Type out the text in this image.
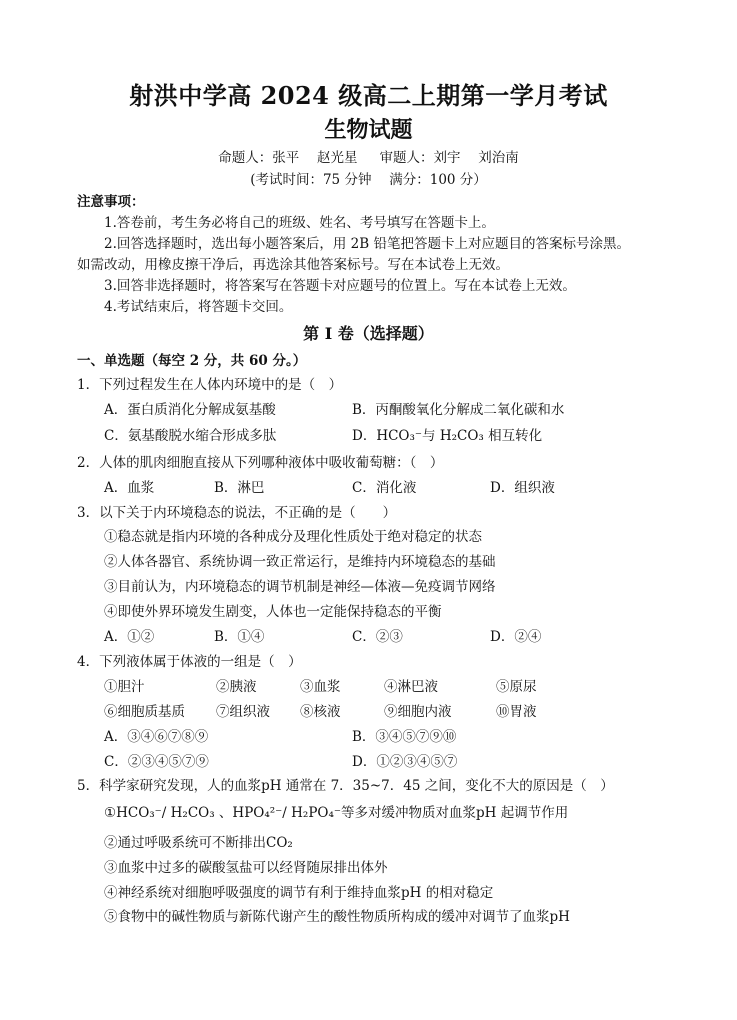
射洪中学高 2024 级高二上期第一学月考试
生物试题
命题人：张平　 赵光星 审题人：刘宇　 刘治南
(考试时间：75 分钟　 满分：100 分）
注意事项：
1.答卷前，考生务必将自己的班级、姓名、考号填写在答题卡上。
2.回答选择题时，选出每小题答案后，用 2B 铅笔把答题卡上对应题目的答案标号涂黑。
如需改动，用橡皮擦干净后，再选涂其他答案标号。写在本试卷上无效。
3.回答非选择题时，将答案写在答题卡对应题号的位置上。写在本试卷上无效。
4.考试结束后，将答题卡交回。
第 I 卷（选择题）
一、单选题（每空 2 分，共 60 分。）
1．下列过程发生在人体内环境中的是（　）
A．蛋白质消化分解成氨基酸	B．丙酮酸氧化分解成二氧化碳和水
C．氨基酸脱水缩合形成多肽	D．HCO₃⁻与 H₂CO₃ 相互转化
2．人体的肌肉细胞直接从下列哪种液体中吸收葡萄糖：（　）
A．血浆	B．淋巴	C．消化液	D．组织液
3．以下关于内环境稳态的说法，不正确的是（　　）
①稳态就是指内环境的各种成分及理化性质处于绝对稳定的状态
②人体各器官、系统协调一致正常运行，是维持内环境稳态的基础
③目前认为，内环境稳态的调节机制是神经—体液—免疫调节网络
④即使外界环境发生剧变，人体也一定能保持稳态的平衡
A．①②	B．①④	C．②③	D．②④
4．下列液体属于体液的一组是（　）
①胆汁	②胰液	③血浆	④淋巴液	⑤原尿
⑥细胞质基质 ⑦组织液 ⑧核液	⑨细胞内液	⑩胃液
A．③④⑥⑦⑧⑨	B．③④⑤⑦⑨⑩
C．②③④⑤⑦⑨	D．①②③④⑤⑦
5．科学家研究发现，人的血浆pH 通常在 7．35~7．45 之间，变化不大的原因是（　）
①HCO₃⁻/ H₂CO₃ 、HPO₄²⁻/ H₂PO₄⁻等多对缓冲物质对血浆pH 起调节作用
②通过呼吸系统可不断排出CO₂
③血浆中过多的碳酸氢盐可以经肾随尿排出体外
④神经系统对细胞呼吸强度的调节有利于维持血浆pH 的相对稳定
⑤食物中的碱性物质与新陈代谢产生的酸性物质所构成的缓冲对调节了血浆pH
